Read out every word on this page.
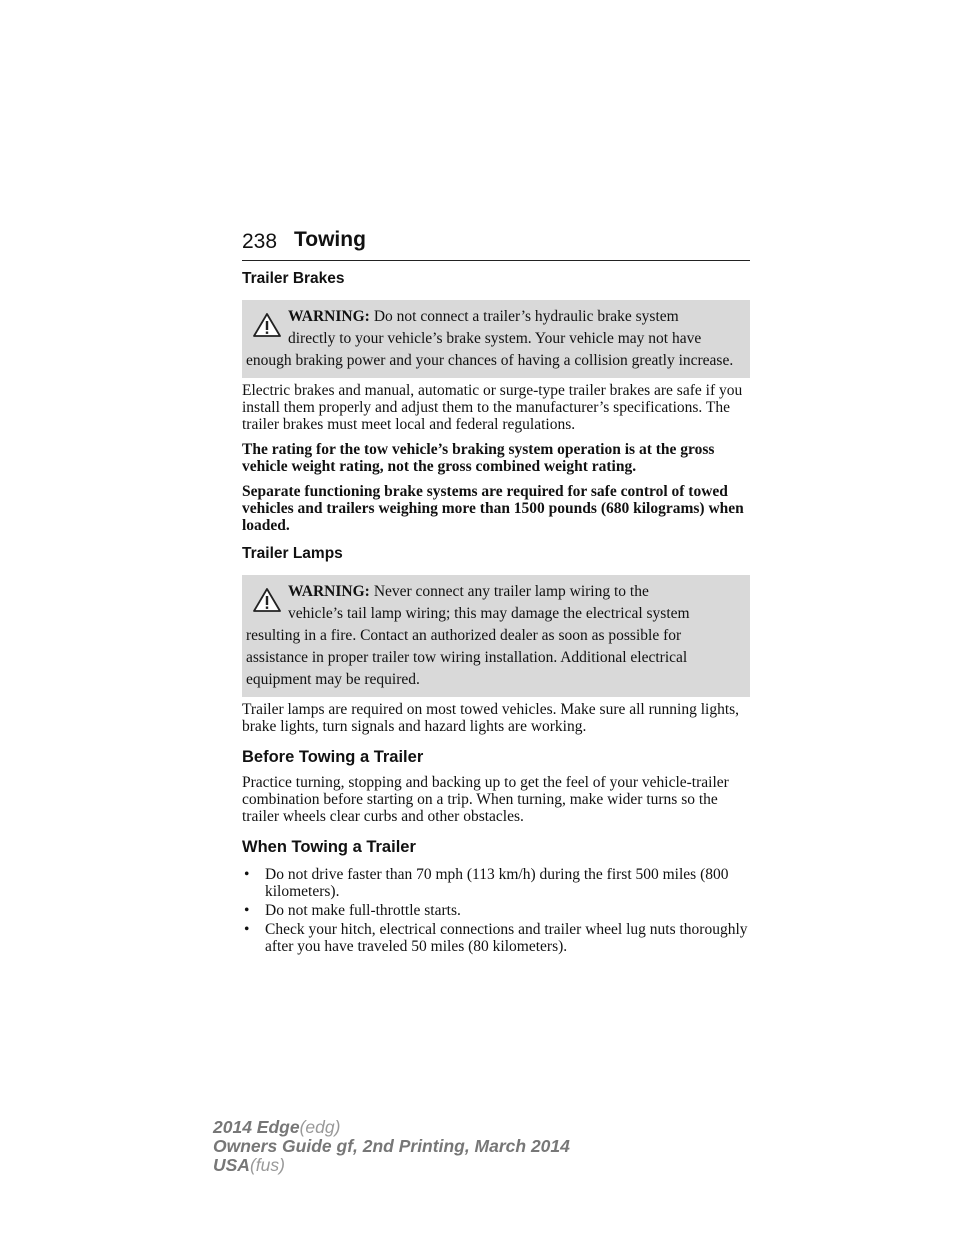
238 Towing
Trailer Brakes
WARNING: Do not connect a trailer’s hydraulic brake system
directly to your vehicle’s brake system. Your vehicle may not have
enough braking power and your chances of having a collision greatly increase.

Electric brakes and manual, automatic or surge-type trailer brakes are safe if you install them properly and adjust them to the manufacturer’s specifications. The trailer brakes must meet local and federal regulations.

The rating for the tow vehicle’s braking system operation is at the gross vehicle weight rating, not the gross combined weight rating.

Separate functioning brake systems are required for safe control of towed vehicles and trailers weighing more than 1500 pounds (680 kilograms) when loaded.

Trailer Lamps
WARNING: Never connect any trailer lamp wiring to the
vehicle’s tail lamp wiring; this may damage the electrical system
resulting in a fire. Contact an authorized dealer as soon as possible for assistance in proper trailer tow wiring installation. Additional electrical equipment may be required.

Trailer lamps are required on most towed vehicles. Make sure all running lights, brake lights, turn signals and hazard lights are working.

Before Towing a Trailer

Practice turning, stopping and backing up to get the feel of your vehicle-trailer combination before starting on a trip. When turning, make wider turns so the trailer wheels clear curbs and other obstacles.

When Towing a Trailer
• Do not drive faster than 70 mph (113 km/h) during the first 500 miles (800 kilometers).
• Do not make full-throttle starts.
• Check your hitch, electrical connections and trailer wheel lug nuts thoroughly after you have traveled 50 miles (80 kilometers).
2014 Edge(edg)
Owners Guide gf, 2nd Printing, March 2014
USA(fus)
